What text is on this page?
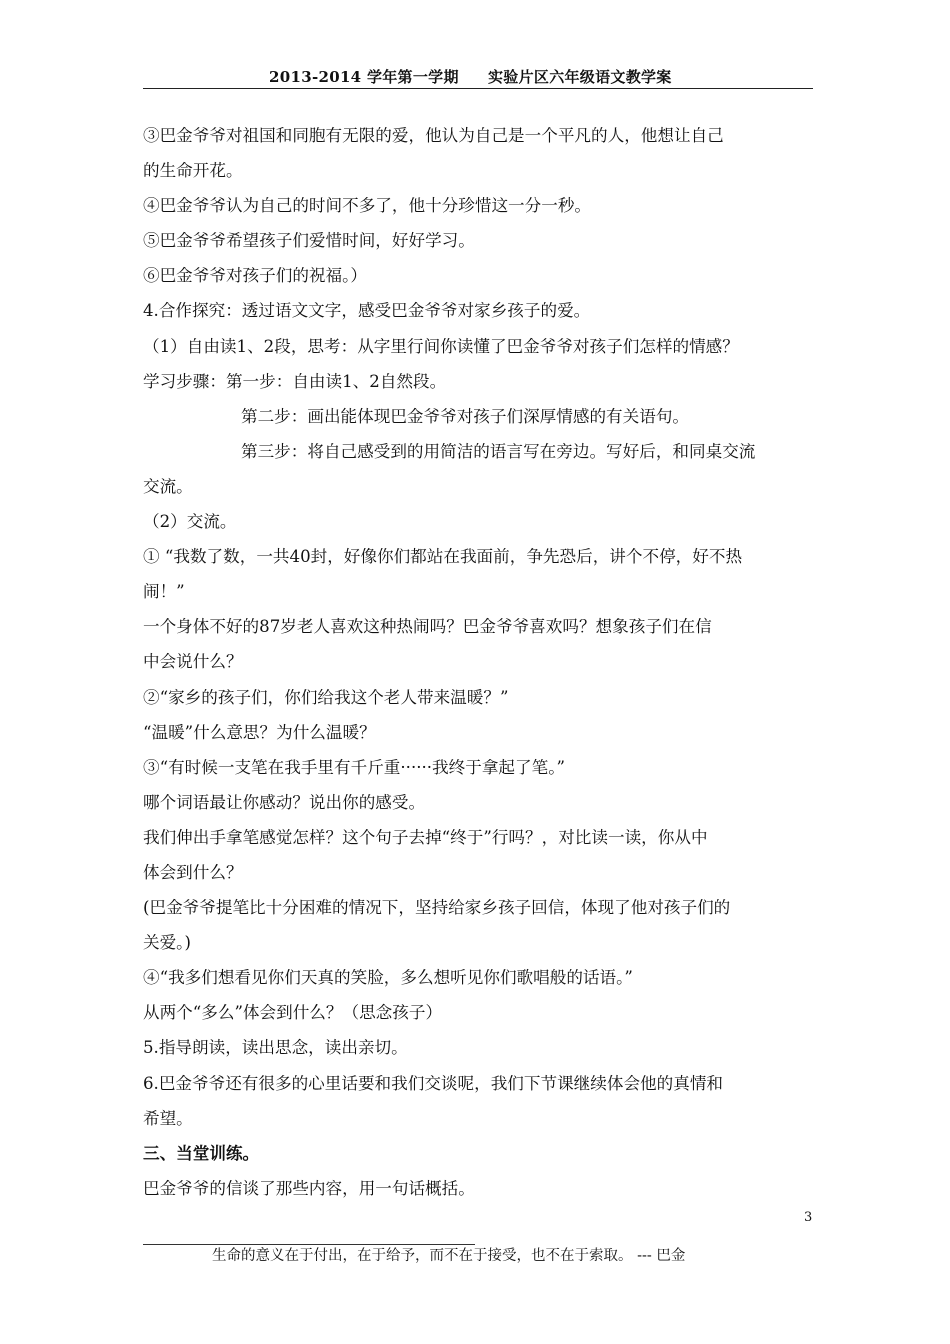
2013-2014 学年第一学期 实验片区六年级语文教学案
③巴金爷爷对祖国和同胞有无限的爱，他认为自己是一个平凡的人，他想让自己
的生命开花。
④巴金爷爷认为自己的时间不多了，他十分珍惜这一分一秒。
⑤巴金爷爷希望孩子们爱惜时间，好好学习。
⑥巴金爷爷对孩子们的祝福。）
4.合作探究：透过语文文字，感受巴金爷爷对家乡孩子的爱。
（1）自由读1、2段，思考：从字里行间你读懂了巴金爷爷对孩子们怎样的情感？
学习步骤：第一步：自由读1、2自然段。
第二步：画出能体现巴金爷爷对孩子们深厚情感的有关语句。
第三步：将自己感受到的用简洁的语言写在旁边。写好后，和同桌交流
交流。
（2）交流。
① “我数了数，一共40封，好像你们都站在我面前，争先恐后，讲个不停，好不热
闹！”
一个身体不好的87岁老人喜欢这种热闹吗？巴金爷爷喜欢吗？想象孩子们在信
中会说什么？
②“家乡的孩子们，你们给我这个老人带来温暖？”
“温暖”什么意思？为什么温暖？
③“有时候一支笔在我手里有千斤重······我终于拿起了笔。”
哪个词语最让你感动？说出你的感受。
我们伸出手拿笔感觉怎样？这个句子去掉“终于”行吗？，对比读一读，你从中
体会到什么？
(巴金爷爷提笔比十分困难的情况下，坚持给家乡孩子回信，体现了他对孩子们的
关爱。)
④“我多们想看见你们天真的笑脸，多么想听见你们歌唱般的话语。”
从两个“多么”体会到什么？（思念孩子）
5.指导朗读，读出思念，读出亲切。
6.巴金爷爷还有很多的心里话要和我们交谈呢，我们下节课继续体会他的真情和
希望。
三、当堂训练。
巴金爷爷的信谈了那些内容，用一句话概括。
3
生命的意义在于付出，在于给予，而不在于接受，也不在于索取。 --- 巴金
